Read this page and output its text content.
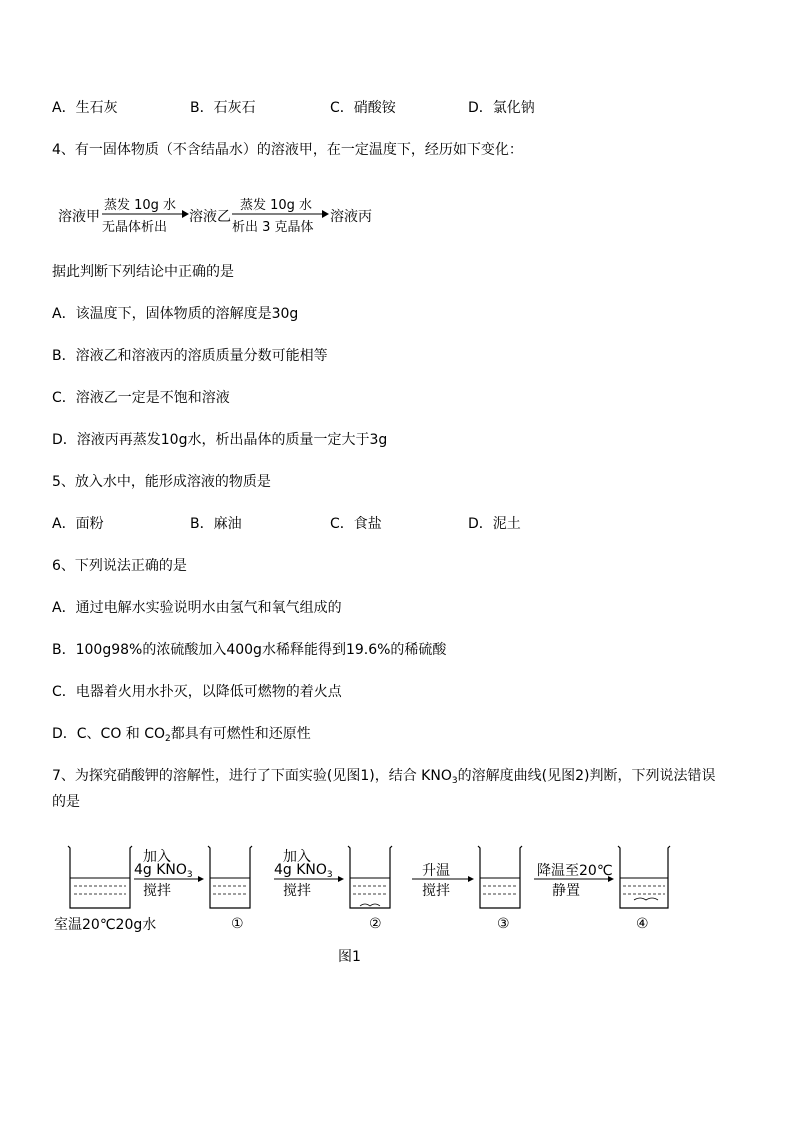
A．生石灰	B．石灰石	C．硝酸铵	D．氯化钠
4、有一固体物质（不含结晶水）的溶液甲，在一定温度下，经历如下变化：
溶液甲
蒸发 10g 水
无晶体析出
溶液乙
蒸发 10g 水
析出 3 克晶体
溶液丙
据此判断下列结论中正确的是
A．该温度下，固体物质的溶解度是30g
B．溶液乙和溶液丙的溶质质量分数可能相等
C．溶液乙一定是不饱和溶液
D．溶液丙再蒸发10g水，析出晶体的质量一定大于3g
5、放入水中，能形成溶液的物质是
A．面粉	B．麻油	C．食盐	D．泥土
6、下列说法正确的是
A．通过电解水实验说明水由氢气和氧气组成的
B．100g98%的浓硫酸加入400g水稀释能得到19.6%的稀硫酸
C．电器着火用水扑灭，以降低可燃物的着火点
D．C、CO 和 $CO_2$都具有可燃性和还原性
7、为探究硝酸钾的溶解性，进行了下面实验(见图1)，结合 $KNO_3$的溶解度曲线(见图2)判断，下列说法错误
的是
加入
4g $KNO_3$
搅拌
加入
4g $KNO_3$
搅拌
升温
搅拌
降温至20℃
静置
室温20℃20g水	①	②	③	④
图1
